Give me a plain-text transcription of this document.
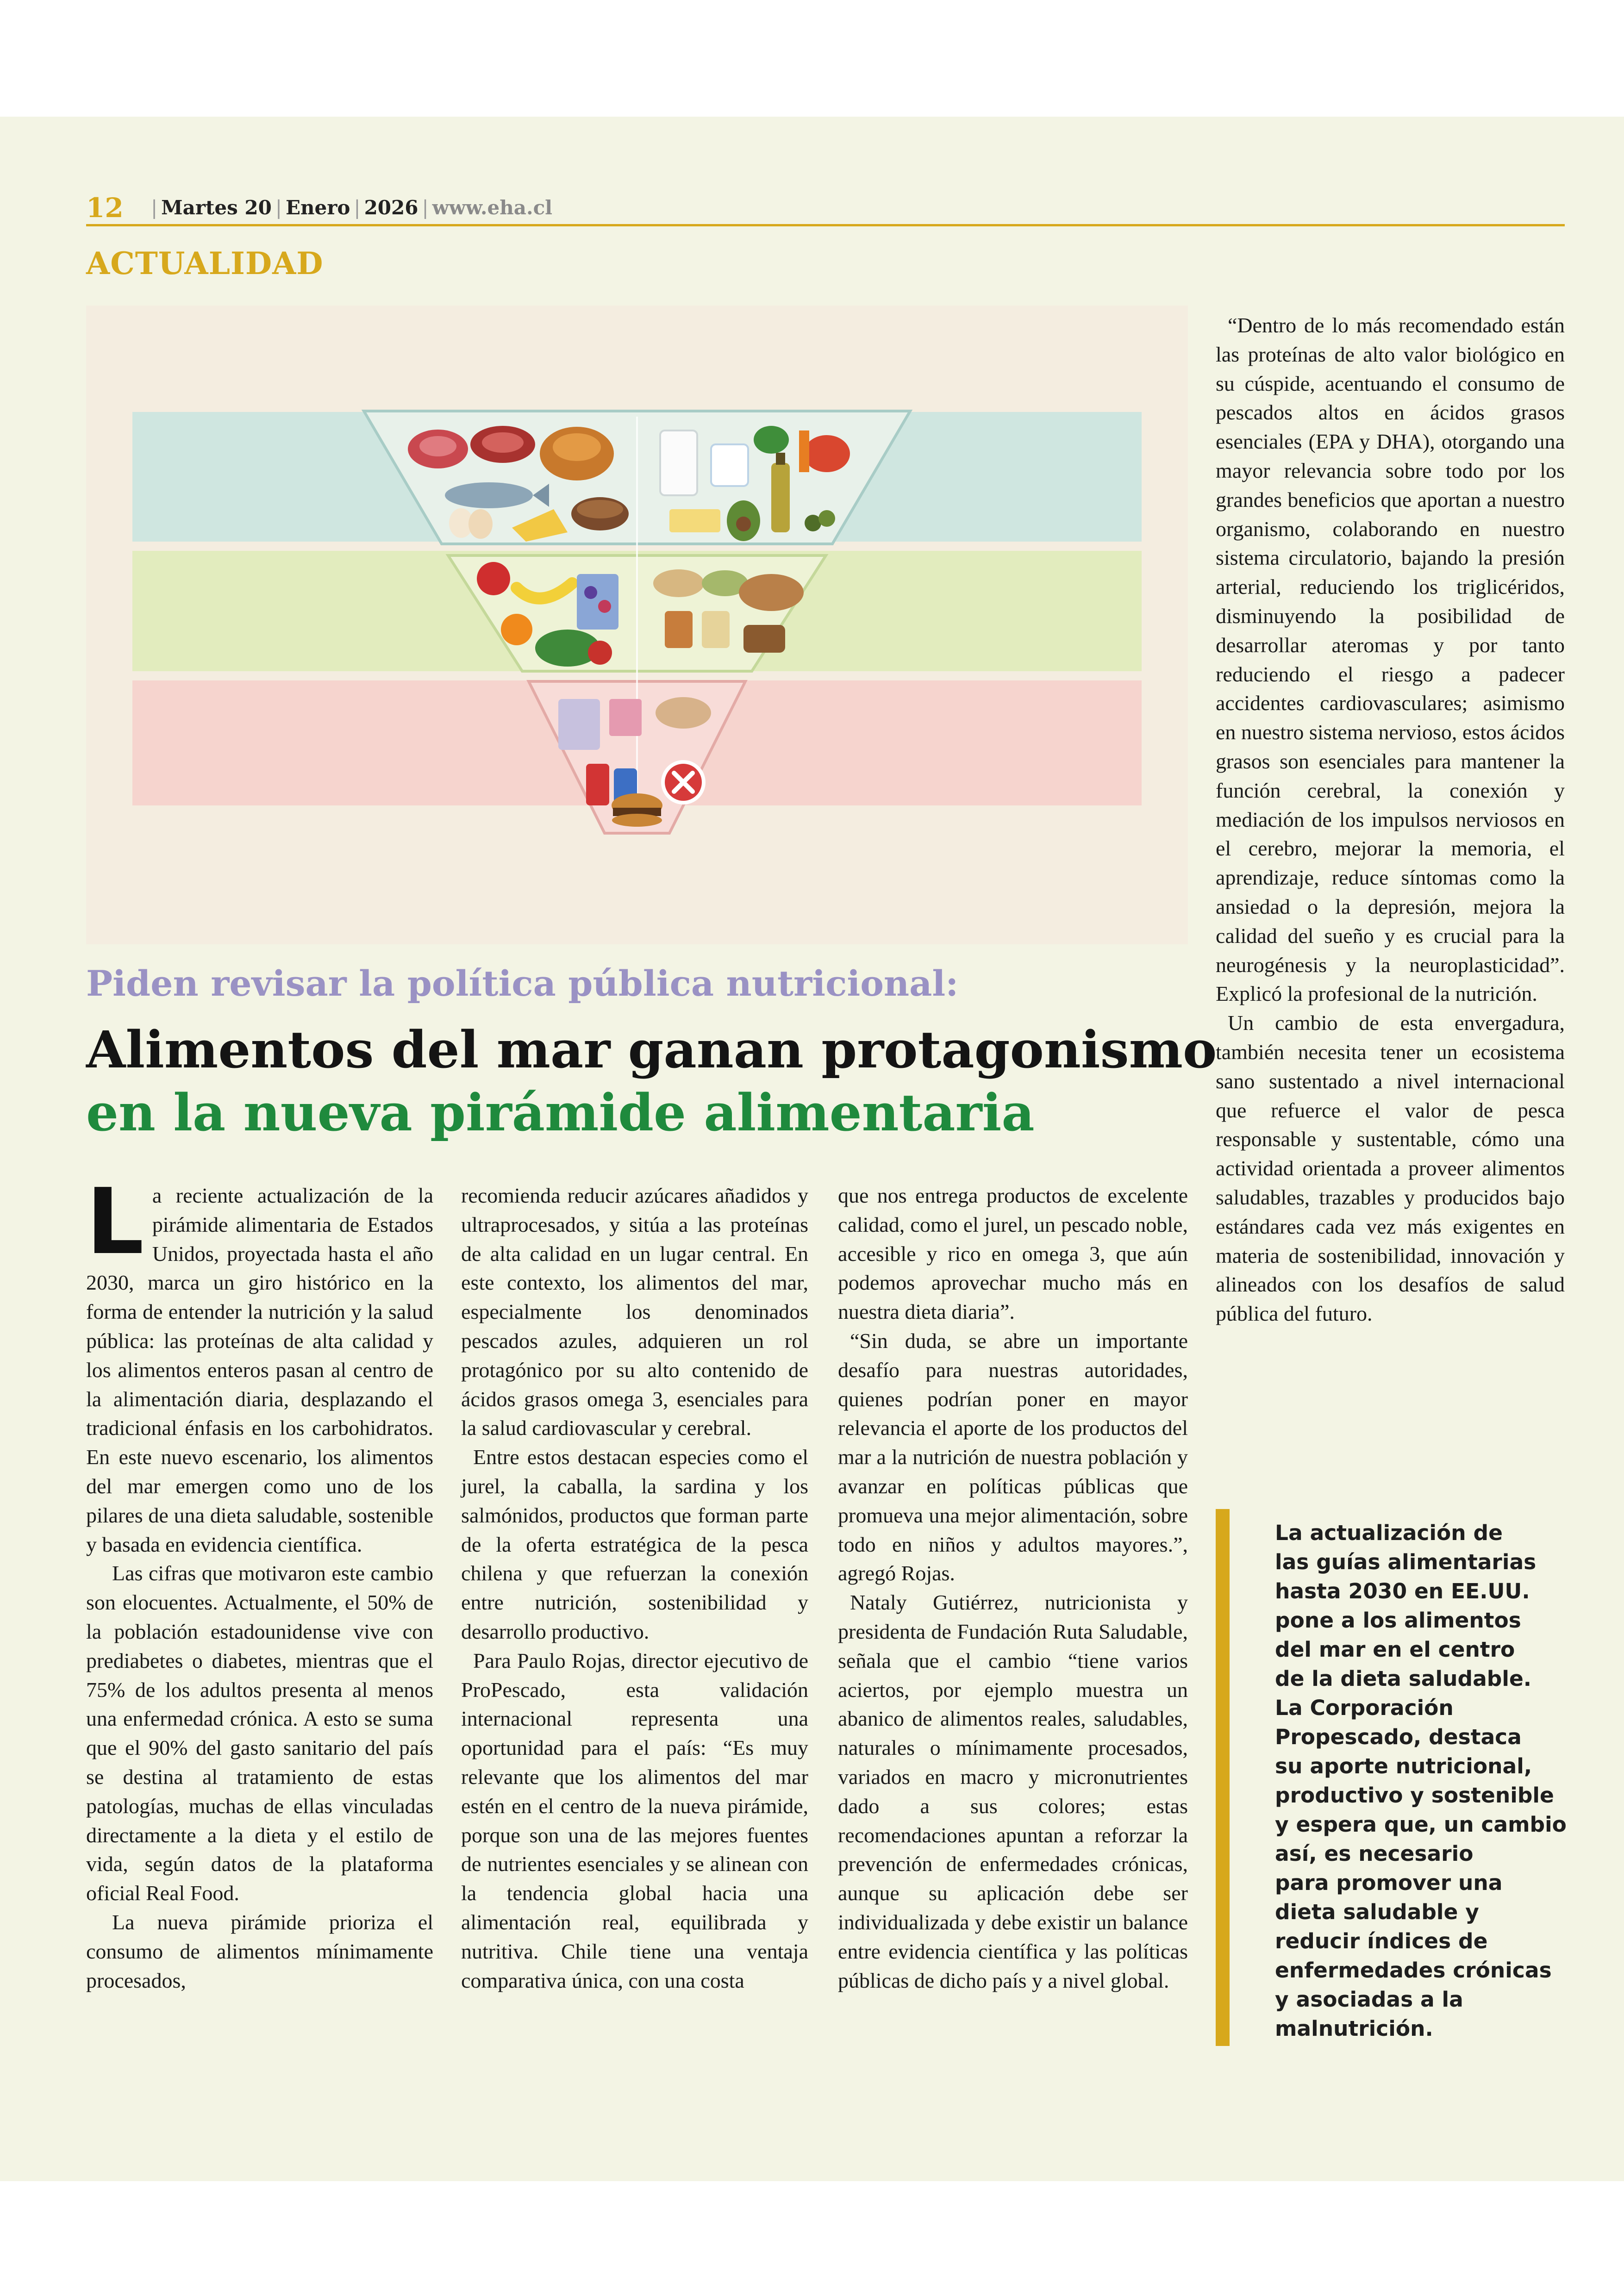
12 | Martes 20 | Enero | 2026 | www.eha.cl
ACTUALIDAD
Piden revisar la política pública nutricional:
Alimentos del mar ganan protagonismo
en la nueva pirámide alimentaria

La reciente actualización de la pirámide alimentaria de Estados Unidos, proyectada hasta el año 2030, marca un giro histórico en la forma de entender la nutrición y la salud pública: las proteínas de alta calidad y los alimentos enteros pasan al centro de la alimentación diaria, desplazando el tradicional énfasis en los carbohidratos. En este nuevo escenario, los alimentos del mar emergen como uno de los pilares de una dieta saludable, sostenible y basada en evidencia científica.

Las cifras que motivaron este cambio son elocuentes. Actualmente, el 50% de la población estadounidense vive con prediabetes o diabetes, mientras que el 75% de los adultos presenta al menos una enfermedad crónica. A esto se suma que el 90% del gasto sanitario del país se destina al tratamiento de estas patologías, muchas de ellas vinculadas directamente a la dieta y el estilo de vida, según datos de la plataforma oficial Real Food.

La nueva pirámide prioriza el consumo de alimentos mínimamente procesados,

recomienda reducir azúcares añadidos y ultraprocesados, y sitúa a las proteínas de alta calidad en un lugar central. En este contexto, los alimentos del mar, especialmente los denominados pescados azules, adquieren un rol protagónico por su alto contenido de ácidos grasos omega 3, esenciales para la salud cardiovascular y cerebral.

Entre estos destacan especies como el jurel, la caballa, la sardina y los salmónidos, productos que forman parte de la oferta estratégica de la pesca chilena y que refuerzan la conexión entre nutrición, sostenibilidad y desarrollo productivo.

Para Paulo Rojas, director ejecutivo de ProPescado, esta validación internacional representa una oportunidad para el país: “Es muy relevante que los alimentos del mar estén en el centro de la nueva pirámide, porque son una de las mejores fuentes de nutrientes esenciales y se alinean con la tendencia global hacia una alimentación real, equilibrada y nutritiva. Chile tiene una ventaja comparativa única, con una costa

que nos entrega productos de excelente calidad, como el jurel, un pescado noble, accesible y rico en omega 3, que aún podemos aprovechar mucho más en nuestra dieta diaria”.

“Sin duda, se abre un importante desafío para nuestras autoridades, quienes podrían poner en mayor relevancia el aporte de los productos del mar a la nutrición de nuestra población y avanzar en políticas públicas que promueva una mejor alimentación, sobre todo en niños y adultos mayores.”, agregó Rojas.

Nataly Gutiérrez, nutricionista y presidenta de Fundación Ruta Saludable, señala que el cambio “tiene varios aciertos, por ejemplo muestra un abanico de alimentos reales, saludables, naturales o mínimamente procesados, variados en macro y micronutrientes dado a sus colores; estas recomendaciones apuntan a reforzar la prevención de enfermedades crónicas, aunque su aplicación debe ser individualizada y debe existir un balance entre evidencia científica y las políticas públicas de dicho país y a nivel global.

“Dentro de lo más recomendado están las proteínas de alto valor biológico en su cúspide, acentuando el consumo de pescados altos en ácidos grasos esenciales (EPA y DHA), otorgando una mayor relevancia sobre todo por los grandes beneficios que aportan a nuestro organismo, colaborando en nuestro sistema circulatorio, bajando la presión arterial, reduciendo los triglicéridos, disminuyendo la posibilidad de desarrollar ateromas y por tanto reduciendo el riesgo a padecer accidentes cardiovasculares; asimismo en nuestro sistema nervioso, estos ácidos grasos son esenciales para mantener la función cerebral, la conexión y mediación de los impulsos nerviosos en el cerebro, mejorar la memoria, el aprendizaje, reduce síntomas como la ansiedad o la depresión, mejora la calidad del sueño y es crucial para la neurogénesis y la neuroplasticidad”. Explicó la profesional de la nutrición.

Un cambio de esta envergadura, también necesita tener un ecosistema sano sustentado a nivel internacional que refuerce el valor de pesca responsable y sustentable, cómo una actividad orientada a proveer alimentos saludables, trazables y producidos bajo estándares cada vez más exigentes en materia de sostenibilidad, innovación y alineados con los desafíos de salud pública del futuro.

La actualización de
las guías alimentarias
hasta 2030 en EE.UU.
pone a los alimentos
del mar en el centro
de la dieta saludable.
La Corporación
Propescado, destaca
su aporte nutricional,
productivo y sostenible
y espera que, un cambio
así, es necesario
para promover una
dieta saludable y
reducir índices de
enfermedades crónicas
y asociadas a la
malnutrición.
